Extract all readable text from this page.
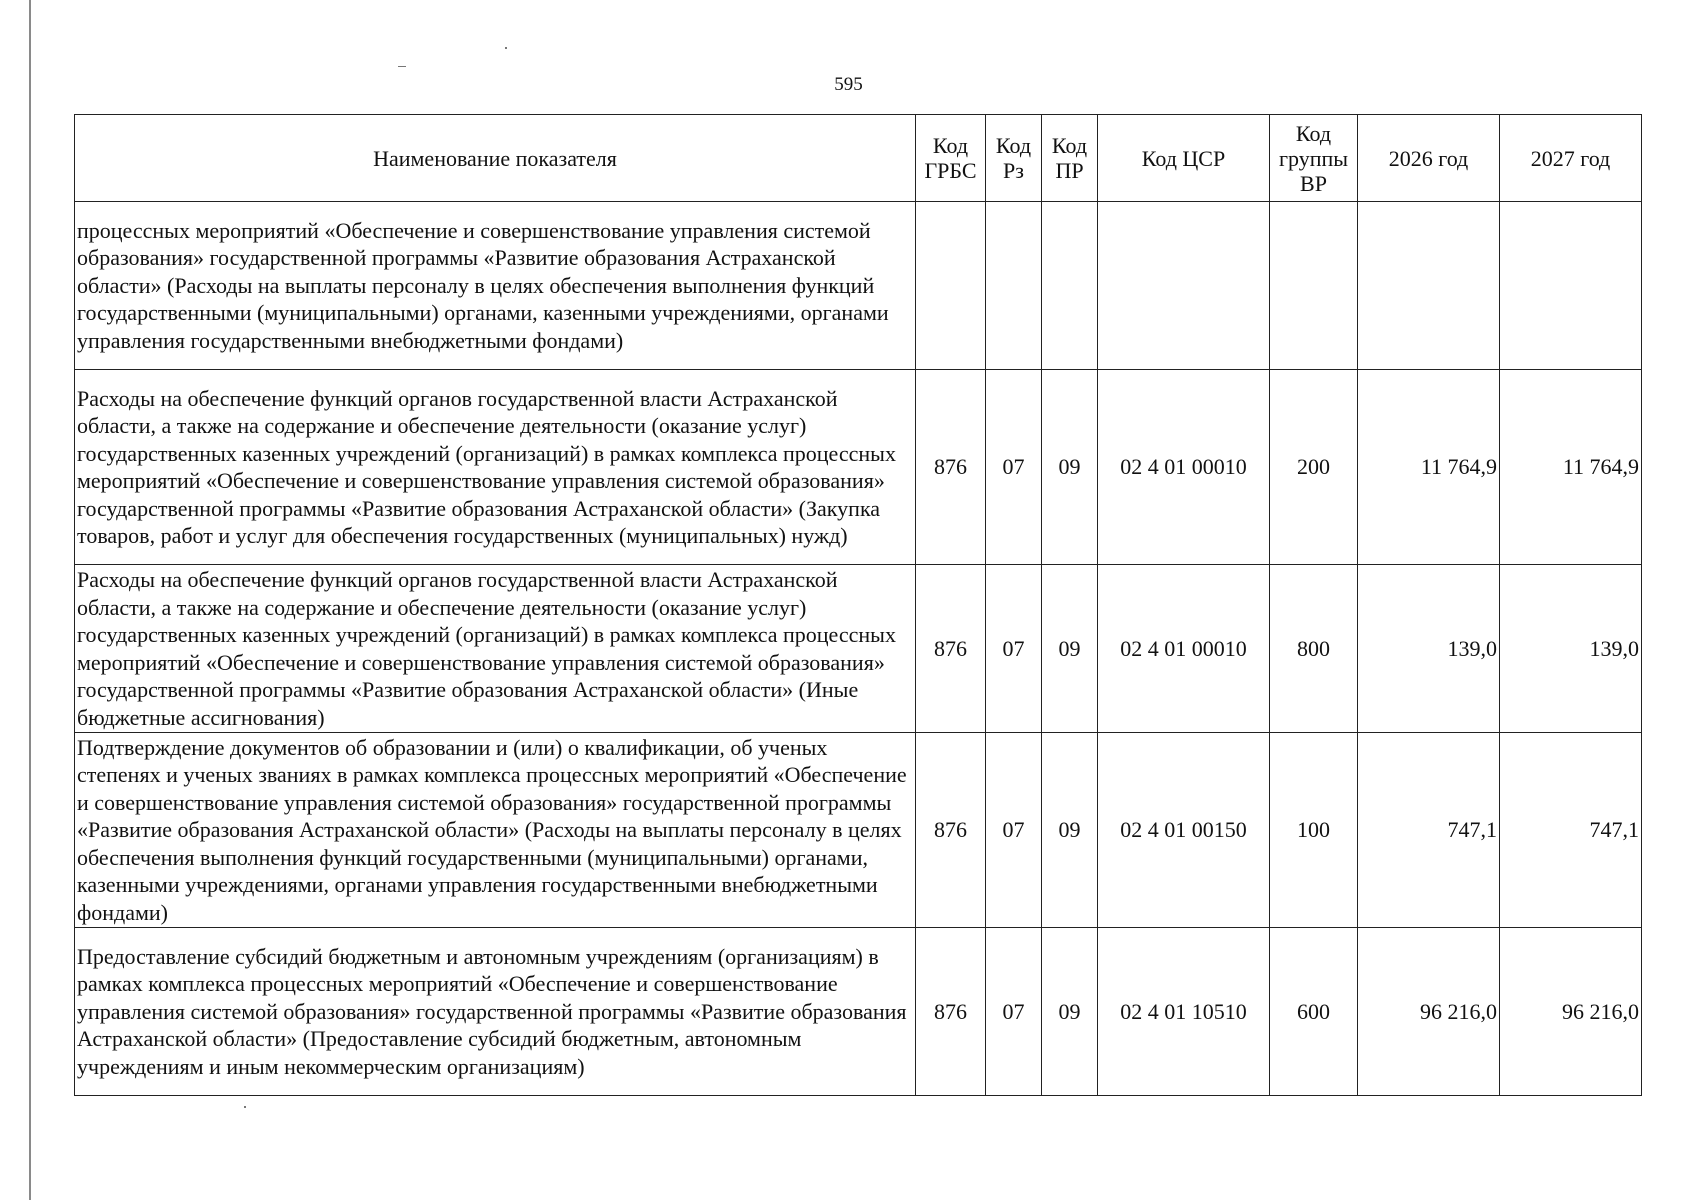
595
Наименование показателя	Код ГРБС	Код Рз	Код ПР	Код ЦСР	Код группы ВР	2026 год	2027 год
процессных мероприятий «Обеспечение и совершенствование управления системой образования» государственной программы «Развитие образования Астраханской области» (Расходы на выплаты персоналу в целях обеспечения выполнения функций государственными (муниципальными) органами, казенными учреждениями, органами управления государственными внебюджетными фондами)							
Расходы на обеспечение функций органов государственной власти Астраханской области, а также на содержание и обеспечение деятельности (оказание услуг) государственных казенных учреждений (организаций) в рамках комплекса процессных мероприятий «Обеспечение и совершенствование управления системой образования» государственной программы «Развитие образования Астраханской области» (Закупка товаров, работ и услуг для обеспечения государственных (муниципальных) нужд)	876	07	09	02 4 01 00010	200	11 764,9	11 764,9
Расходы на обеспечение функций органов государственной власти Астраханской области, а также на содержание и обеспечение деятельности (оказание услуг) государственных казенных учреждений (организаций) в рамках комплекса процессных мероприятий «Обеспечение и совершенствование управления системой образования» государственной программы «Развитие образования Астраханской области» (Иные бюджетные ассигнования)	876	07	09	02 4 01 00010	800	139,0	139,0
Подтверждение документов об образовании и (или) о квалификации, об ученых степенях и ученых званиях в рамках комплекса процессных мероприятий «Обеспечение и совершенствование управления системой образования» государственной программы «Развитие образования Астраханской области» (Расходы на выплаты персоналу в целях обеспечения выполнения функций государственными (муниципальными) органами, казенными учреждениями, органами управления государственными внебюджетными фондами)	876	07	09	02 4 01 00150	100	747,1	747,1
Предоставление субсидий бюджетным и автономным учреждениям (организациям) в рамках комплекса процессных мероприятий «Обеспечение и совершенствование управления системой образования» государственной программы «Развитие образования Астраханской области» (Предоставление субсидий бюджетным, автономным учреждениям и иным некоммерческим организациям)	876	07	09	02 4 01 10510	600	96 216,0	96 216,0
